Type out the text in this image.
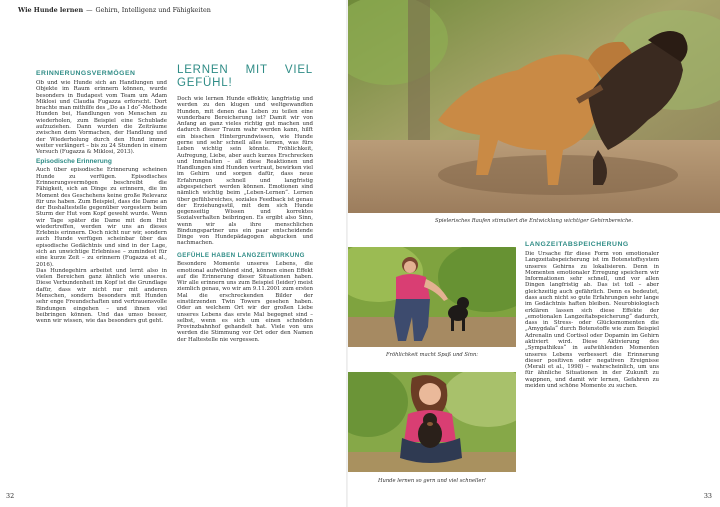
Wie Hunde lernen — Gehirn, Intelligenz und Fähigkeiten
ERINNERUNGSVERMÖGEN

Ob und wie Hunde sich an Handlungen und Objekte im Raum erinnern können, wurde besonders in Budapest vom Team um Adam Miklosi und Claudia Fugazza erforscht. Dort brachte man mithilfe des „Do as I do“-Methode Hunden bei, Handlungen von Menschen zu wiederholen, zum Beispiel eine Schublade aufzuziehen. Dann wurden die Zeiträume zwischen dem Vormachen, der Handlung und der Wiederholung durch den Hund immer weiter verlängert – bis zu 24 Stunden in einem Versuch (Fugazza & Miklosi, 2013).

Episodische Erinnerung

Auch über episodische Erinnerung scheinen Hunde zu verfügen. Episodisches Erinnerungsvermögen beschreibt die Fähigkeit, sich an Dinge zu erinnern, die im Moment des Geschehens keine große Relevanz für uns haben. Zum Beispiel, dass die Dame an der Bushaltestelle gegenüber vorgestern beim Sturm der Hut vom Kopf geweht wurde. Wenn wir Tage später die Dame mit dem Hut wiedertreffen, werden wir uns an dieses Erlebnis erinnern. Doch nicht nur wir, sondern auch Hunde verfügen scheinbar über das episodische Gedächtnis und sind in der Lage, sich an unwichtige Erlebnisse – zumindest für eine kurze Zeit – zu erinnern (Fugazza et al., 2016).

Das Hundegehirn arbeitet und lernt also in vielen Bereichen ganz ähnlich wie unseres. Diese Verbundenheit im Kopf ist die Grundlage dafür, dass wir nicht nur mit anderen Menschen, sondern besonders mit Hunden sehr enge Freundschaften und vertrauensvolle Bindungen eingehen – und ihnen viel beibringen können. Und das umso besser, wenn wir wissen, wie das besonders gut geht.

LERNEN MIT VIEL GEFÜHL!

Doch wie lernen Hunde effektiv, langfristig und werden zu den klugen und weltgewandten Hunden, mit denen das Leben zu teilen eine wunderbare Bereicherung ist? Damit wir von Anfang an ganz vieles richtig gut machen und dadurch dieser Traum wahr werden kann, hilft ein bisschen Hintergrundwissen, wie Hunde gerne und sehr schnell alles lernen, was fürs Leben wichtig sein könnte. Fröhlichkeit, Aufregung, Liebe, aber auch kurzes Erschrecken und Innehalten – all diese Reaktionen und Handlungen sind Hunden vertraut, bewirken viel im Gehirn und sorgen dafür, dass neue Erfahrungen schnell und langfristig abgespeichert werden können. Emotionen sind nämlich wichtig beim „Leben-Lernen“. Lernen über gefühlsreiches, soziales Feedback ist genau der Erziehungsstil, mit dem sich Hunde gegenseitig Wissen und korrektes Sozialverhalten beibringen. Es ergibt also Sinn, wenn wir als ihre menschlichen Bindungspartner uns ein paar entscheidende Dinge von Hundepädagogen abgucken und nachmachen.

GEFÜHLE HABEN LANGZEITWIRKUNG

Besondere Momente unseres Lebens, die emotional aufwühlend sind, können einen Effekt auf die Erinnerung dieser Situationen haben. Wir alle erinnern uns zum Beispiel (leider) meist ziemlich genau, wo wir am 9.11.2001 zum ersten Mal die erschreckenden Bilder der einstürzenden Twin Towers gesehen haben. Oder an welchem Ort wir der großen Liebe unseres Lebens das erste Mal begegnet sind – selbst, wenn es sich um einen schnöden Provinzbahnhof gehandelt hat. Viele von uns werden die Stimmung vor Ort oder den Namen der Haltestelle nie vergessen.

32
Spielerisches Raufen stimuliert die Entwicklung wichtiger Gehirnbereiche.
Fröhlichkeit macht Spaß und Sinn:
Hunde lernen so gern und viel schneller!
LANGZEITABSPEICHERUNG

Die Ursache für diese Form von emotionaler Langzeitabspeicherung ist im Botenstoffsystem unseres Gehirns zu lokalisieren. Denn in Momenten emotionaler Erregung speichern wir Informationen sehr schnell, und vor allen Dingen langfristig ab. Das ist toll – aber gleichzeitig auch gefährlich. Denn es bedeutet, dass auch nicht so gute Erfahrungen sehr lange im Gedächtnis haften bleiben. Neurobiologisch erklären lassen sich diese Effekte der „emotionalen Langzeitabspeicherung“ dadurch, dass in Stress- oder Glücksmomenten die „Amygdala“ durch Botenstoffe wie zum Beispiel Adrenalin und Cortisol oder Dopamin im Gehirn aktiviert wird. Diese Aktivierung des „Sympathikus“ in aufwühlenden Momenten unseres Lebens verbessert die Erinnerung dieser positiven oder negativen Ereignisse (Merali et al., 1998) – wahrscheinlich, um uns für ähnliche Situationen in der Zukunft zu wappnen, und damit wir lernen, Gefahren zu meiden und schöne Momente zu suchen.

33
